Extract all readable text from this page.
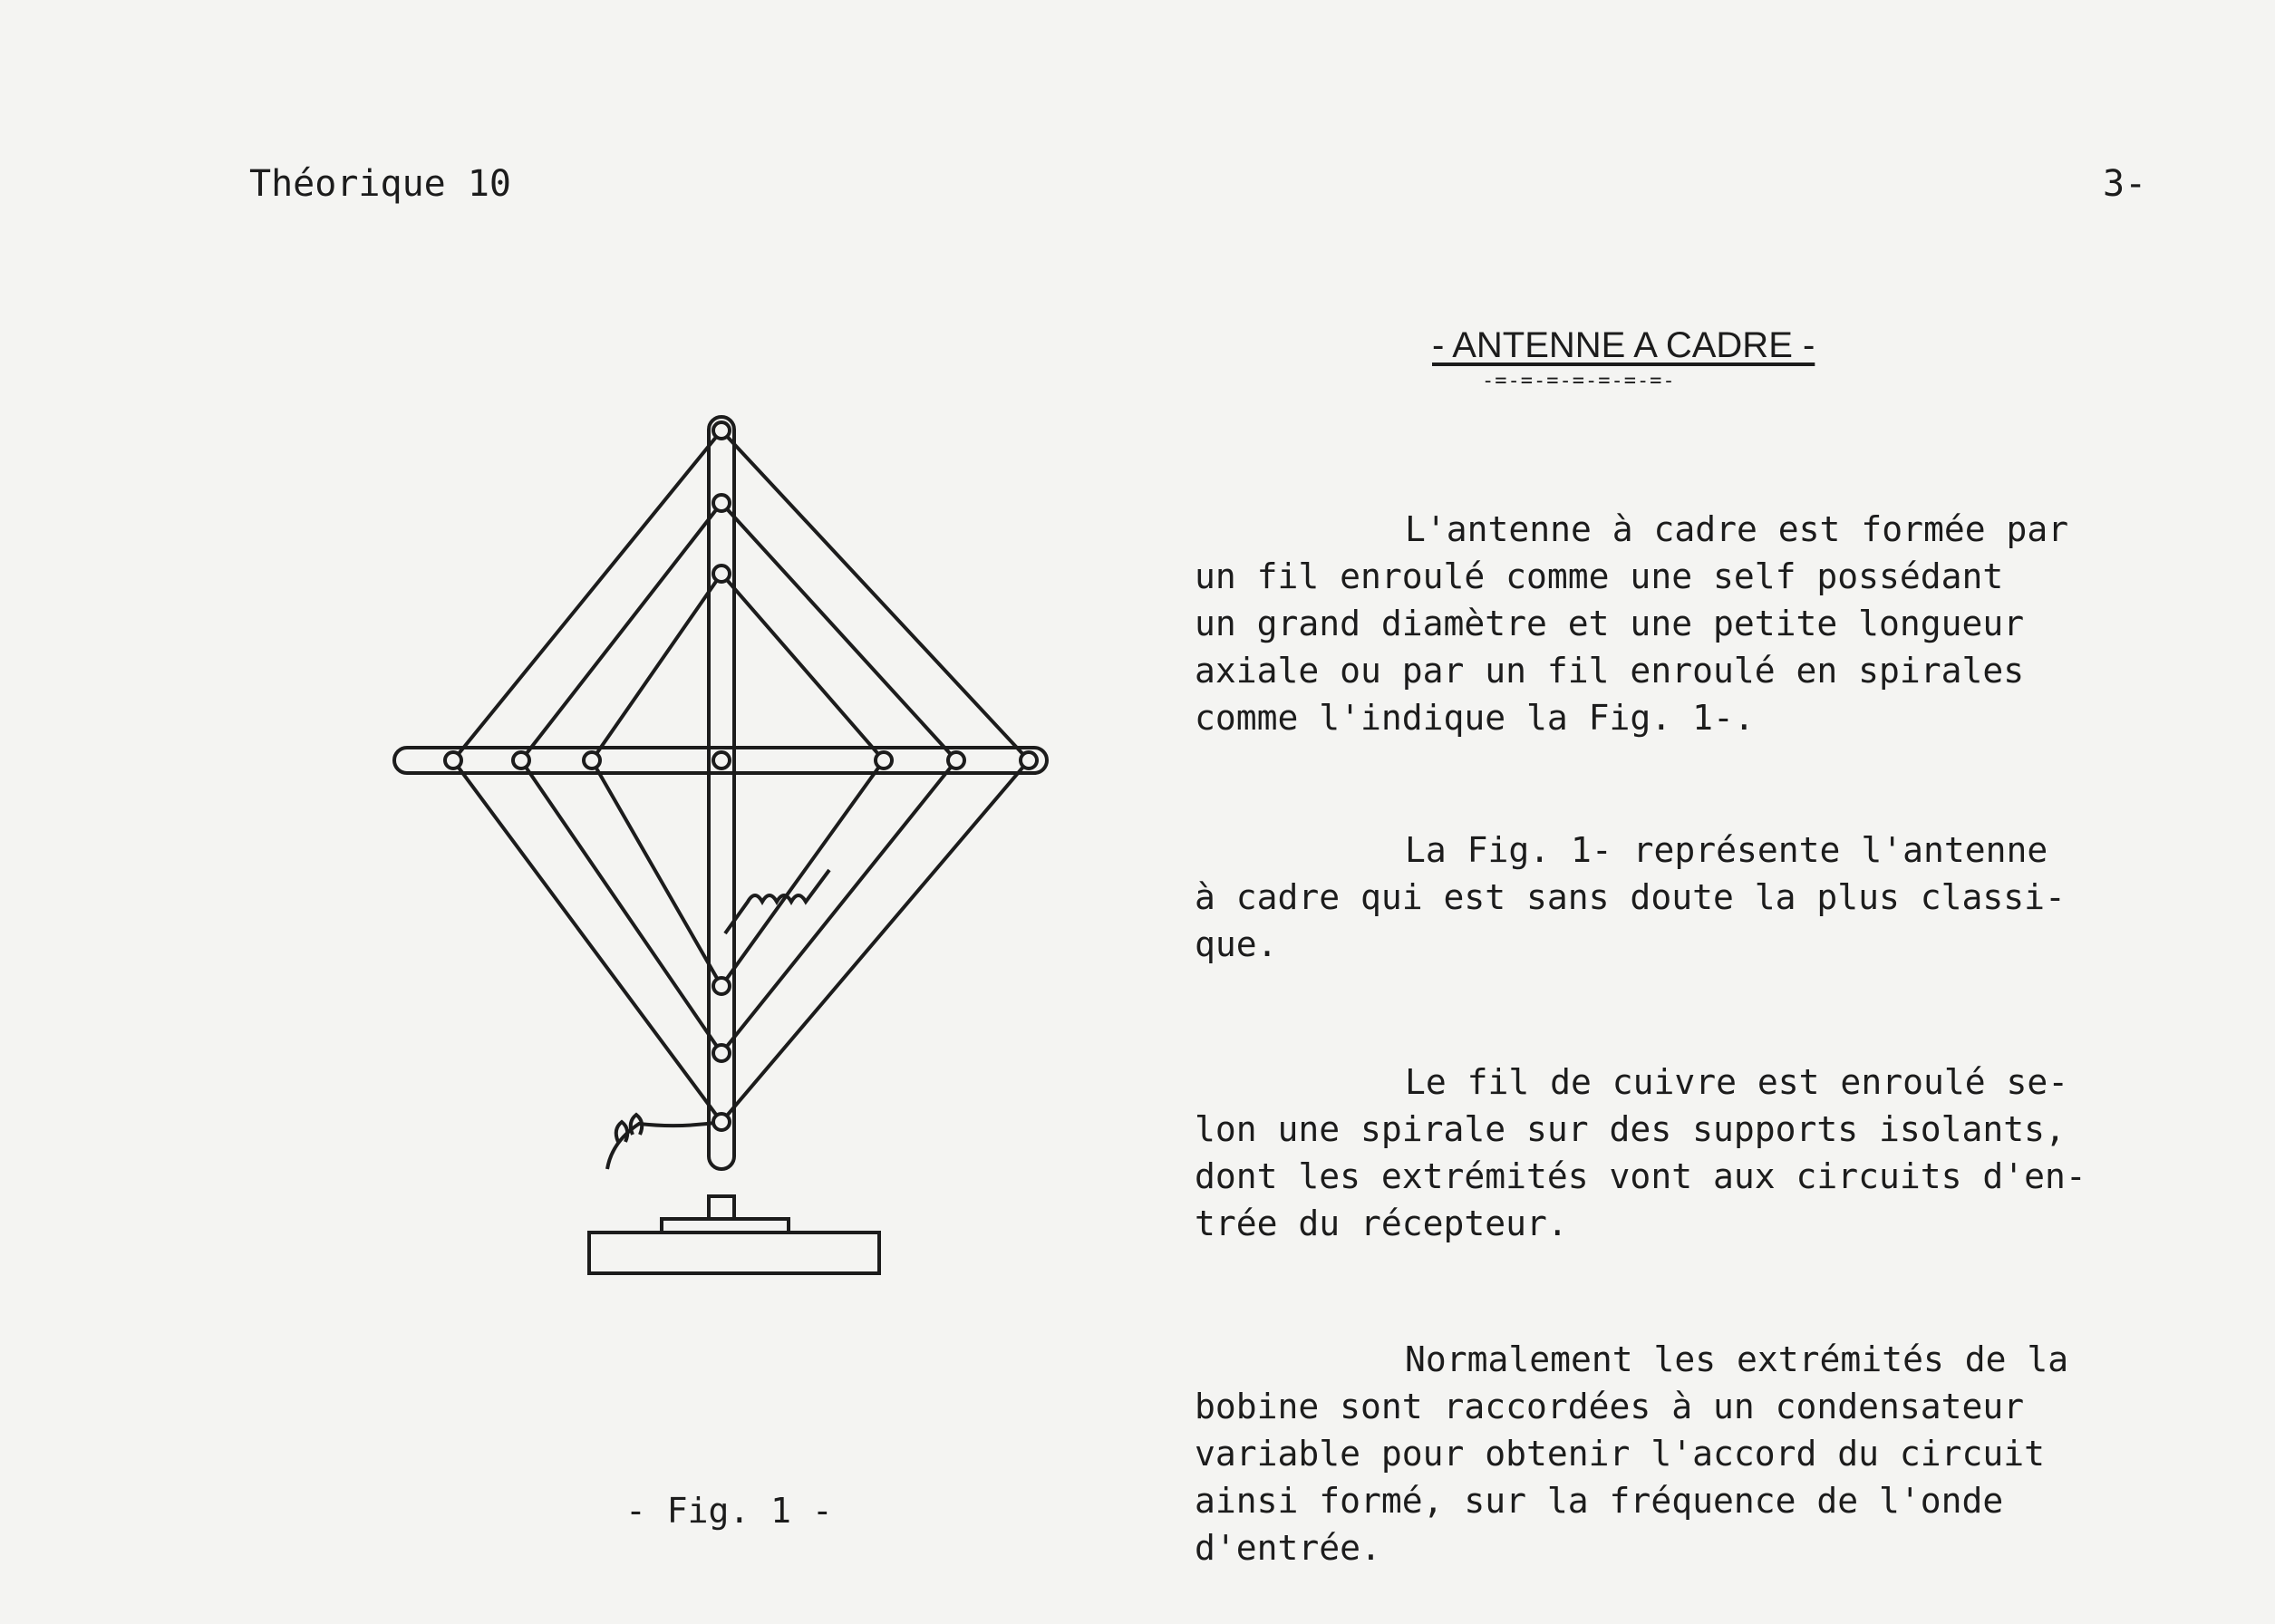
Théorique 10	3-
- ANTENNE A CADRE -
-=-=-=-=-=-=-=-

L'antenne à cadre est formée par
un fil enroulé comme une self possédant
un grand diamètre et une petite longueur
axiale ou par un fil enroulé en spirales
comme l'indique la Fig. 1-.

La Fig. 1- représente l'antenne
à cadre qui est sans doute la plus classi-
que.

Le fil de cuivre est enroulé se-
lon une spirale sur des supports isolants,
dont les extrémités vont aux circuits d'en-
trée du récepteur.

Normalement les extrémités de la
bobine sont raccordées à un condensateur
variable pour obtenir l'accord du circuit
ainsi formé, sur la fréquence de l'onde
d'entrée.

- Fig. 1 -
